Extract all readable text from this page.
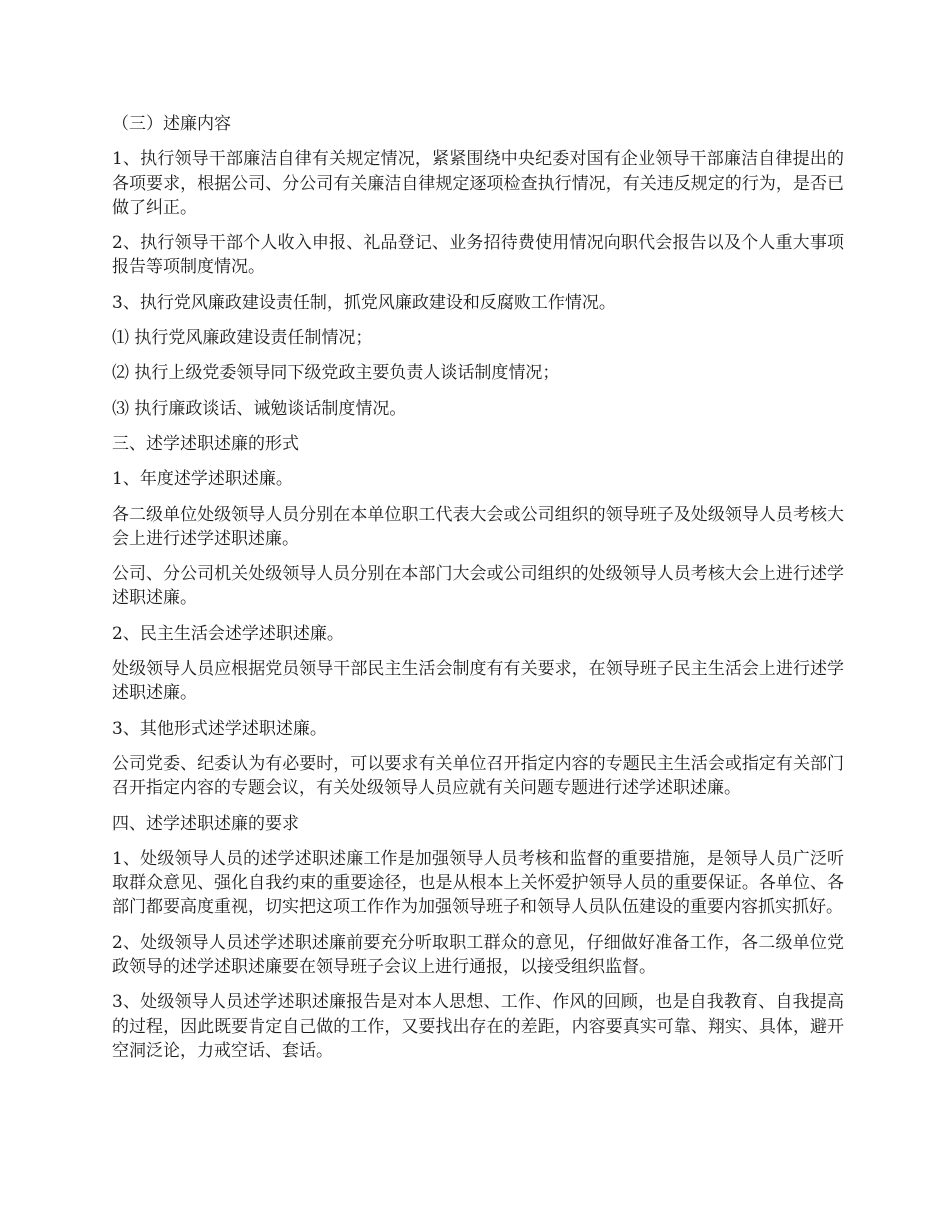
（三）述廉内容

1、执行领导干部廉洁自律有关规定情况，紧紧围绕中央纪委对国有企业领导干部廉洁自律提出的各项要求，根据公司、分公司有关廉洁自律规定逐项检查执行情况，有关违反规定的行为，是否已做了纠正。

2、执行领导干部个人收入申报、礼品登记、业务招待费使用情况向职代会报告以及个人重大事项报告等项制度情况。

3、执行党风廉政建设责任制，抓党风廉政建设和反腐败工作情况。

⑴ 执行党风廉政建设责任制情况；

⑵ 执行上级党委领导同下级党政主要负责人谈话制度情况；

⑶ 执行廉政谈话、诫勉谈话制度情况。

三、述学述职述廉的形式

1、年度述学述职述廉。

各二级单位处级领导人员分别在本单位职工代表大会或公司组织的领导班子及处级领导人员考核大会上进行述学述职述廉。

公司、分公司机关处级领导人员分别在本部门大会或公司组织的处级领导人员考核大会上进行述学述职述廉。

2、民主生活会述学述职述廉。

处级领导人员应根据党员领导干部民主生活会制度有有关要求，在领导班子民主生活会上进行述学述职述廉。

3、其他形式述学述职述廉。

公司党委、纪委认为有必要时，可以要求有关单位召开指定内容的专题民主生活会或指定有关部门召开指定内容的专题会议，有关处级领导人员应就有关问题专题进行述学述职述廉。

四、述学述职述廉的要求

1、处级领导人员的述学述职述廉工作是加强领导人员考核和监督的重要措施，是领导人员广泛听取群众意见、强化自我约束的重要途径，也是从根本上关怀爱护领导人员的重要保证。各单位、各部门都要高度重视，切实把这项工作作为加强领导班子和领导人员队伍建设的重要内容抓实抓好。

2、处级领导人员述学述职述廉前要充分听取职工群众的意见，仔细做好准备工作，各二级单位党政领导的述学述职述廉要在领导班子会议上进行通报，以接受组织监督。

3、处级领导人员述学述职述廉报告是对本人思想、工作、作风的回顾，也是自我教育、自我提高的过程，因此既要肯定自己做的工作，又要找出存在的差距，内容要真实可靠、翔实、具体，避开空洞泛论，力戒空话、套话。
